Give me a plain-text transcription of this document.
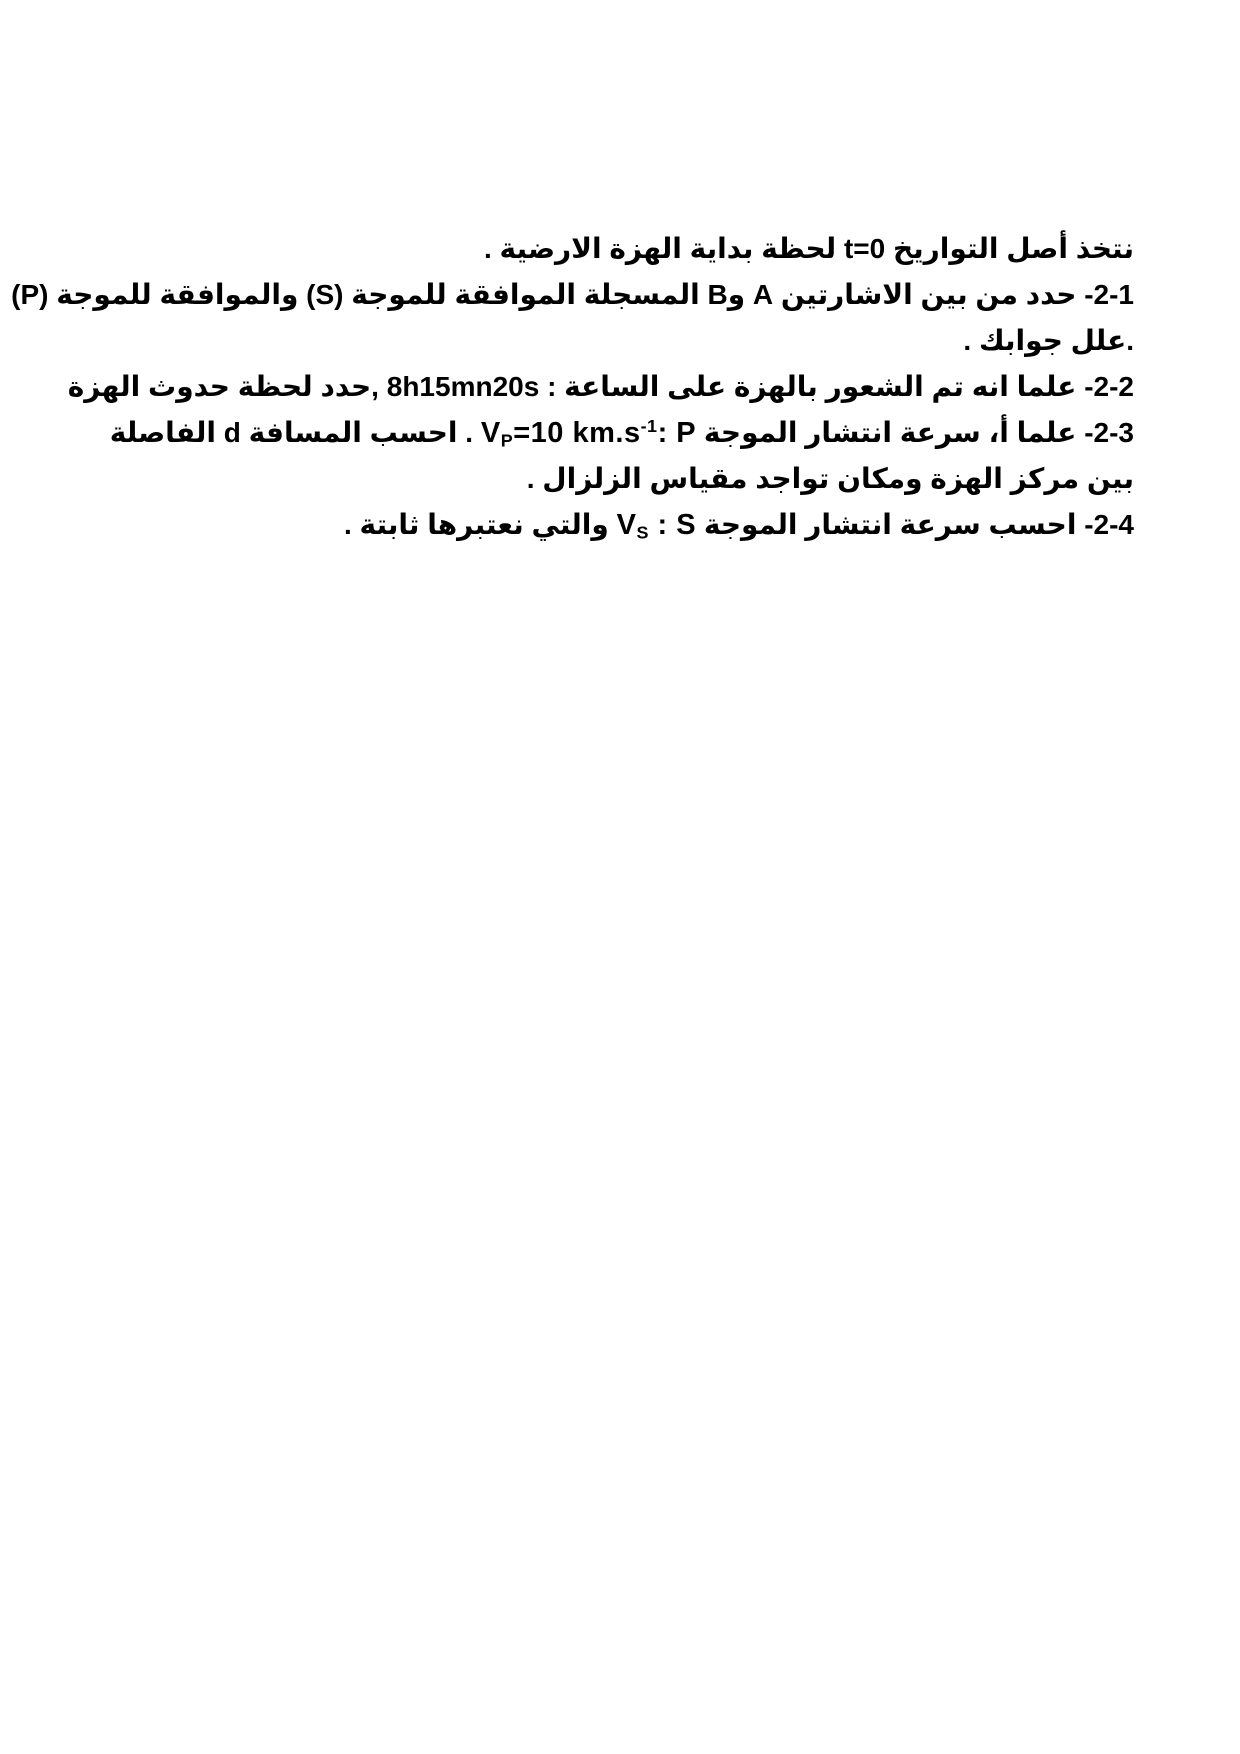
نتخذ أصل التواريخ t=0 لحظة بداية الهزة الارضية .
2-1- حدد من بين الاشارتين A وB المسجلة الموافقة للموجة (S) والموافقة للموجة (P)
.علل جوابك .
2-2- علما انه تم الشعور بالهزة على الساعة : 8h15mn20s ,حدد لحظة حدوث الهزة
2-3- علما أ، سرعة انتشار الموجة $V_P=10$ $km.s^{-1}$: P . احسب المسافة d الفاصلة
بين مركز الهزة ومكان تواجد مقياس الزلزال .
2-4- احسب سرعة انتشار الموجة $V_S$ : S والتي نعتبرها ثابتة .
